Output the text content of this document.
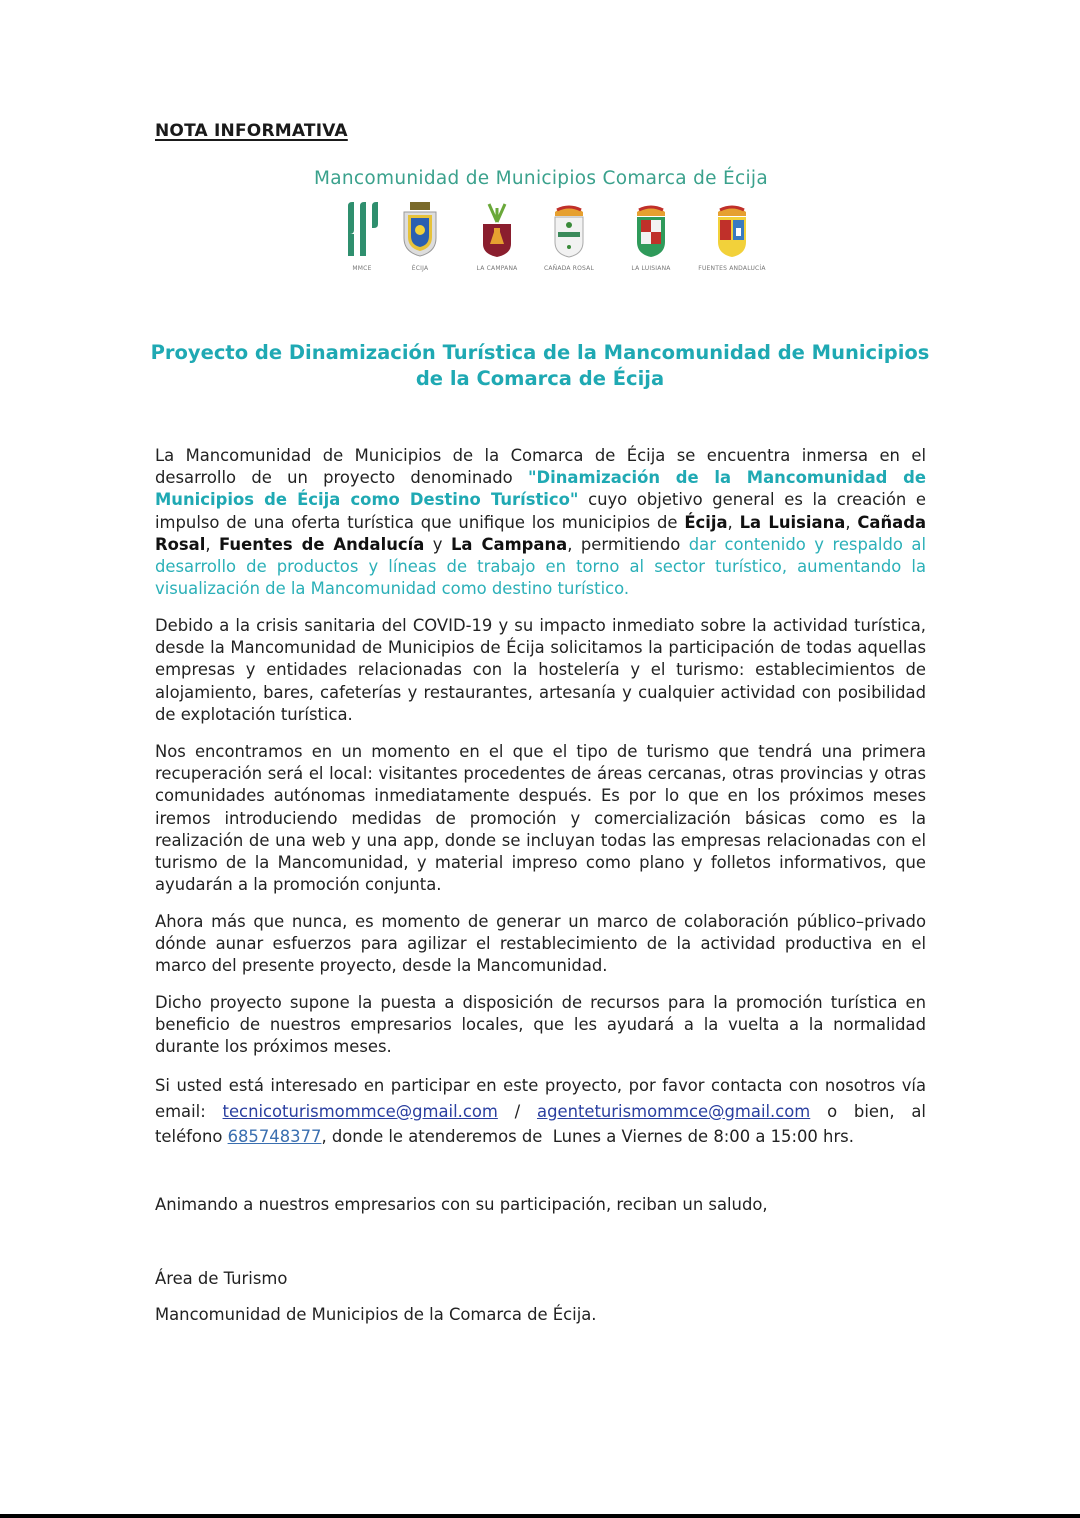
NOTA INFORMATIVA
Mancomunidad de Municipios Comarca de Écija
MMCE	ÉCIJA	LA CAMPANA	CAÑADA ROSAL	LA LUISIANA	FUENTES ANDALUCÍA
Proyecto de Dinamización Turística de la Mancomunidad de Municipios
de la Comarca de Écija
La Mancomunidad de Municipios de la Comarca de Écija se encuentra inmersa en el desarrollo de un proyecto denominado "Dinamización de la Mancomunidad de Municipios de Écija como Destino Turístico" cuyo objetivo general es la creación e impulso de una oferta turística que unifique los municipios de Écija, La Luisiana, Cañada Rosal, Fuentes de Andalucía y La Campana, permitiendo dar contenido y respaldo al desarrollo de productos y líneas de trabajo en torno al sector turístico, aumentando la visualización de la Mancomunidad como destino turístico.
Debido a la crisis sanitaria del COVID-19 y su impacto inmediato sobre la actividad turística, desde la Mancomunidad de Municipios de Écija solicitamos la participación de todas aquellas empresas y entidades relacionadas con la hostelería y el turismo: establecimientos de alojamiento, bares, cafeterías y restaurantes, artesanía y cualquier actividad con posibilidad de explotación turística.
Nos encontramos en un momento en el que el tipo de turismo que tendrá una primera recuperación será el local: visitantes procedentes de áreas cercanas, otras provincias y otras comunidades autónomas inmediatamente después. Es por lo que en los próximos meses iremos introduciendo medidas de promoción y comercialización básicas como es la realización de una web y una app, donde se incluyan todas las empresas relacionadas con el turismo de la Mancomunidad, y material impreso como plano y folletos informativos, que ayudarán a la promoción conjunta.
Ahora más que nunca, es momento de generar un marco de colaboración público–privado dónde aunar esfuerzos para agilizar el restablecimiento de la actividad productiva en el marco del presente proyecto, desde la Mancomunidad.
Dicho proyecto supone la puesta a disposición de recursos para la promoción turística en beneficio de nuestros empresarios locales, que les ayudará a la vuelta a la normalidad durante los próximos meses.
Si usted está interesado en participar en este proyecto, por favor contacta con nosotros vía email: tecnicoturismommce@gmail.com / agenteturismommce@gmail.com o bien, al teléfono 685748377, donde le atenderemos de  Lunes a Viernes de 8:00 a 15:00 hrs.
Animando a nuestros empresarios con su participación, reciban un saludo,
Área de Turismo
Mancomunidad de Municipios de la Comarca de Écija.
